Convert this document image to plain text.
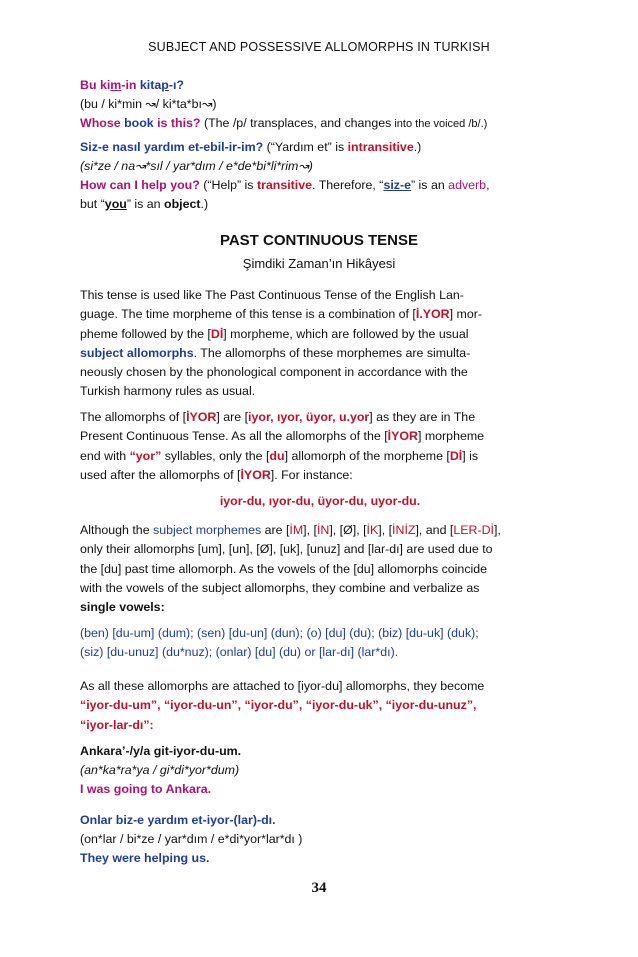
SUBJECT AND POSSESSIVE ALLOMORPHS IN TURKISH
Bu kim-in kitap-ı?
(bu / ki*min ↝/ ki*ta*bı↝)
Whose book is this? (The /p/ transplaces, and changes into the voiced /b/.)
Siz-e nasıl yardım et-ebil-ir-im? (“Yardım et” is intransitive.)
(si*ze / na↝*sıl / yar*dım / e*de*bi*li*rim↝)
How can I help you? (“Help” is transitive. Therefore, “siz-e” is an adverb,
but “you” is an object.)
PAST CONTINUOUS TENSE
Şimdiki Zaman’ın Hikâyesi
This tense is used like The Past Continuous Tense of the English Lan-
guage. The time morpheme of this tense is a combination of [İ.YOR] mor-
pheme followed by the [Dİ] morpheme, which are followed by the usual
subject allomorphs. The allomorphs of these morphemes are simulta-
neously chosen by the phonological component in accordance with the
Turkish harmony rules as usual.
The allomorphs of [İYOR] are [iyor, ıyor, üyor, u.yor] as they are in The
Present Continuous Tense. As all the allomorphs of the [İYOR] morpheme
end with “yor” syllables, only the [du] allomorph of the morpheme [Dİ] is
used after the allomorphs of [İYOR]. For instance:
iyor-du, ıyor-du, üyor-du, uyor-du.
Although the subject morphemes are [İM], [İN], [Ø], [İK], [İNİZ], and [LER-Dİ],
only their allomorphs [um], [un], [Ø], [uk], [unuz] and [lar-dı] are used due to
the [du] past time allomorph. As the vowels of the [du] allomorphs coincide
with the vowels of the subject allomorphs, they combine and verbalize as
single vowels:
(ben) [du-um] (dum); (sen) [du-un] (dun); (o) [du] (du); (biz) [du-uk] (duk);
(siz) [du-unuz] (du*nuz); (onlar) [du] (du) or [lar-dı] (lar*dı).
As all these allomorphs are attached to [iyor-du] allomorphs, they become
“iyor-du-um”, “iyor-du-un”, “iyor-du”, “iyor-du-uk”, “iyor-du-unuz”,
“iyor-lar-dı”:
Ankara’-/y/a git-iyor-du-um.
(an*ka*ra*ya / gi*di*yor*dum)
I was going to Ankara.
Onlar biz-e yardım et-iyor-(lar)-dı.
(on*lar / bi*ze / yar*dım / e*di*yor*lar*dı )
They were helping us.
34
